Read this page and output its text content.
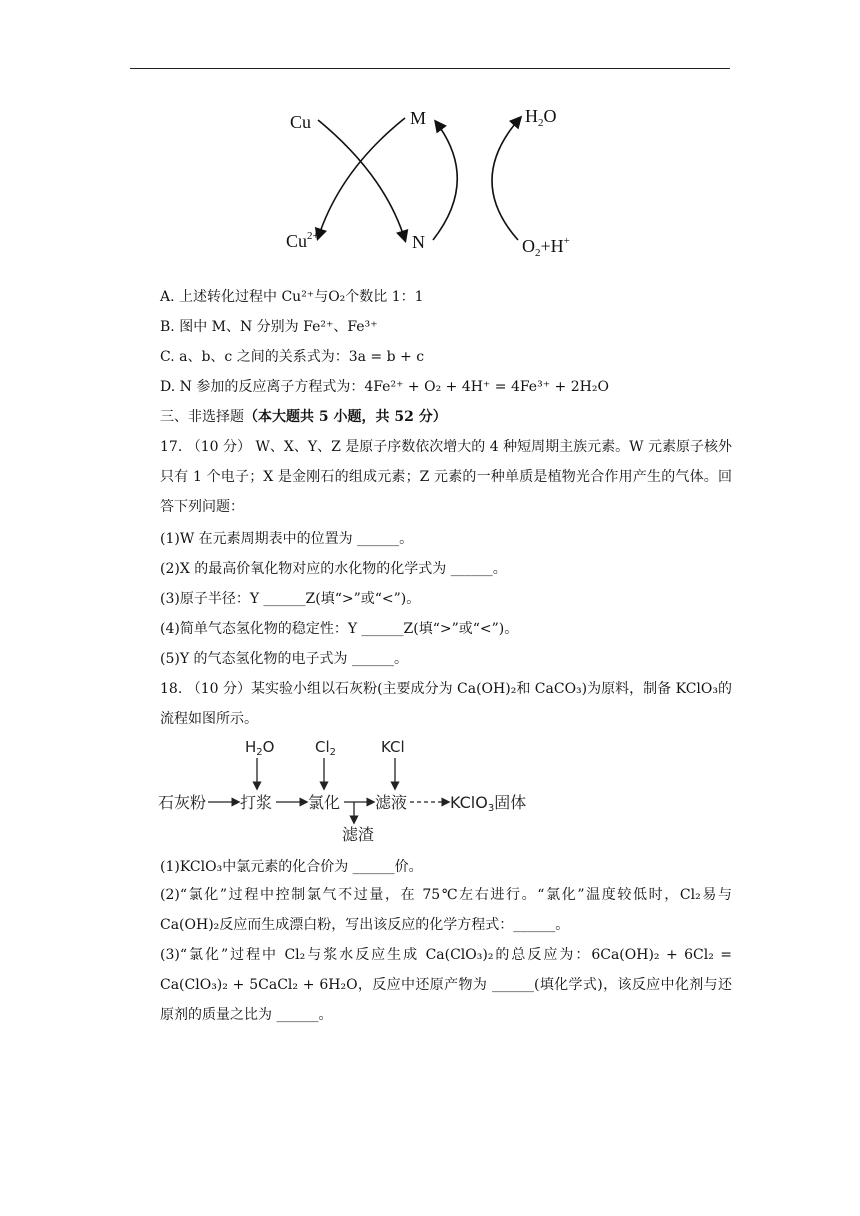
Cu	M	$H_2O$
$Cu^{2+}$	N	$O_2+H^+$
A. 上述转化过程中 Cu²⁺与O₂个数比 1：1
B. 图中 M、N 分别为 Fe²⁺、Fe³⁺
C. a、b、c 之间的关系式为：3a = b + c
D. N 参加的反应离子方程式为：4Fe²⁺ + O₂ + 4H⁺ = 4Fe³⁺ + 2H₂O
三、非选择题（本大题共 5 小题，共 52 分）
17. （10 分） W、X、Y、Z 是原子序数依次增大的 4 种短周期主族元素。W 元素原子核外只有 1 个电子；X 是金刚石的组成元素；Z 元素的一种单质是植物光合作用产生的气体。回答下列问题：
(1)W 在元素周期表中的位置为 ______。
(2)X 的最高价氧化物对应的水化物的化学式为 ______。
(3)原子半径：Y ______Z(填“>”或“<”)。
(4)简单气态氢化物的稳定性：Y ______Z(填“>”或“<”)。
(5)Y 的气态氢化物的电子式为 ______。
18. （10 分）某实验小组以石灰粉(主要成分为 Ca(OH)₂和 CaCO₃)为原料，制备 KClO₃的流程如图所示。
$H_2O$	$Cl_2$	KCl
石灰粉 打浆 氯化 滤液	KClO3固体
滤渣
(1)KClO₃中氯元素的化合价为 ______价。
(2)“氯化”过程中控制氯气不过量，在 75℃左右进行。“氯化”温度较低时，Cl₂易与Ca(OH)₂反应而生成漂白粉，写出该反应的化学方程式：______。
(3)“氯化”过程中 Cl₂与浆水反应生成 Ca(ClO₃)₂的总反应为：6Ca(OH)₂ + 6Cl₂ = Ca(ClO₃)₂ + 5CaCl₂ + 6H₂O，反应中还原产物为 ______(填化学式)，该反应中化剂与还原剂的质量之比为 ______。
